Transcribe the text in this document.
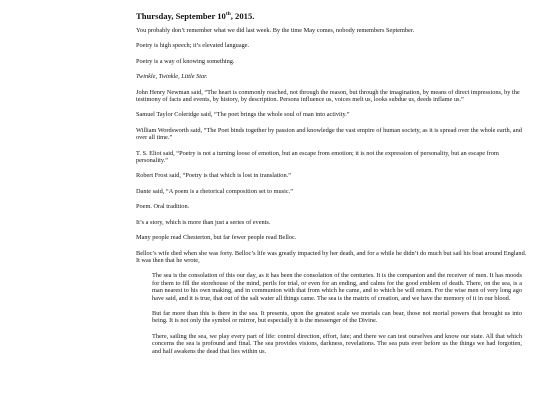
Thursday, September 10th, 2015.

You probably don’t remember what we did last week. By the time May comes, nobody remembers September.

Poetry is high speech; it’s elevated language.

Poetry is a way of knowing something.

Twinkle, Twinkle, Little Star.

John Henry Newman said, “The heart is commonly reached, not through the reason, but through the imagination, by means of direct impressions, by the testimony of facts and events, by history, by description. Persons influence us, voices melt us, looks subdue us, deeds inflame us.”

Samuel Taylor Coleridge said, “The poet brings the whole soul of man into activity.”

William Wordsworth said, “The Poet binds together by passion and knowledge the vast empire of human society, as it is spread over the whole earth, and over all time.”

T. S. Eliot said, “Poetry is not a turning loose of emotion, but an escape from emotion; it is not the expression of personality, but an escape from personality.”

Robert Frost said, “Poetry is that which is lost in translation.”

Dante said, “A poem is a rhetorical composition set to music.”

Poem. Oral tradition.

It’s a story, which is more than just a series of events.

Many people read Chesterton, but far fewer people read Belloc.

Belloc’s wife died when she was forty. Belloc’s life was greatly impacted by her death, and for a while he didn’t do much but sail his boat around England. It was then that he wrote,

The sea is the consolation of this our day, as it has been the consolation of the centuries. It is the companion and the receiver of men. It has moods for them to fill the storehouse of the mind, perils for trial, or even for an ending, and calms for the good emblem of death. There, on the sea, is a man nearest to his own making, and in communion with that from which he came, and to which he will return. For the wise men of very long ago have said, and it is true, that out of the salt water all things came. The sea is the matrix of creation, and we have the memory of it in our blood.

But far more than this is there in the sea. It presents, upon the greatest scale we mortals can bear, those not mortal powers that brought us into being. It is not only the symbol or mirror, but especially it is the messenger of the Divine.

There, sailing the sea, we play every part of life: control direction, effort, fate; and there we can test ourselves and know our state. All that which concerns the sea is profound and final. The sea provides visions, darkness, revelations. The sea puts ever before us the things we had forgotten, and half awakens the dead that lies within us.
